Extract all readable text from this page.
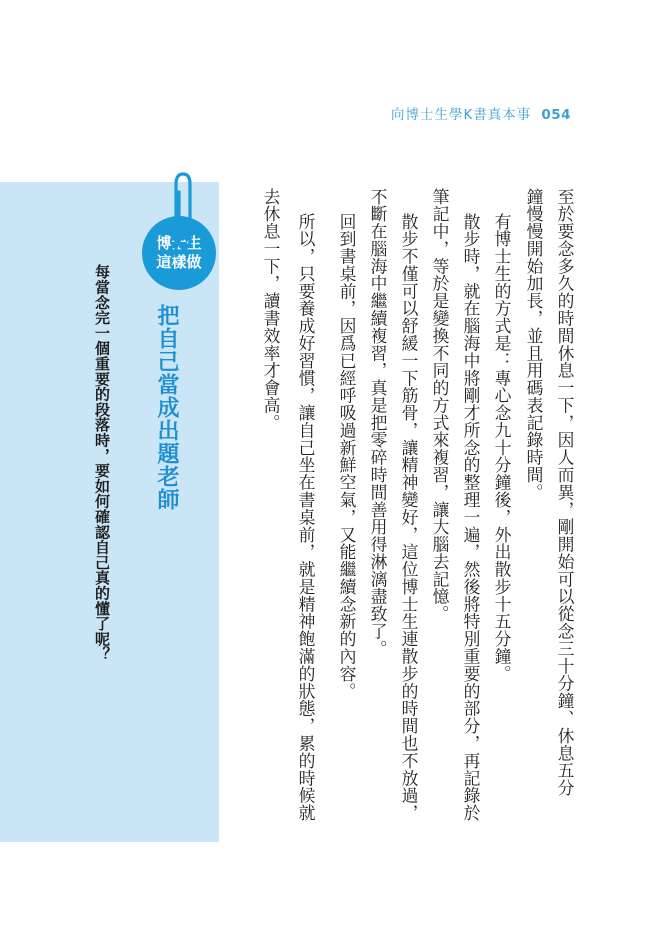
向博士生學K書真本事 054
博士生
這樣做
把自己當成出題老師
每當念完一個重要的段落時，要如何確認自己真的懂了呢？	至於要念多久的時間休息一下，因人而異，剛開始可以從念三十分鐘、休息五分
鐘慢慢開始加長，並且用碼表記錄時間。
有博士生的方式是：專心念九十分鐘後，外出散步十五分鐘。
散步時，就在腦海中將剛才所念的整理一遍，然後將特別重要的部分，再記錄於
筆記中，等於是變換不同的方式來複習，讓大腦去記憶。
散步不僅可以舒緩一下筋骨，讓精神變好，這位博士生連散步的時間也不放過，
不斷在腦海中繼續複習，真是把零碎時間善用得淋漓盡致了。
回到書桌前，因爲已經呼吸過新鮮空氣，又能繼續念新的內容。
所以，只要養成好習慣，讓自己坐在書桌前，就是精神飽滿的狀態，累的時候就
去休息一下，讀書效率才會高。
